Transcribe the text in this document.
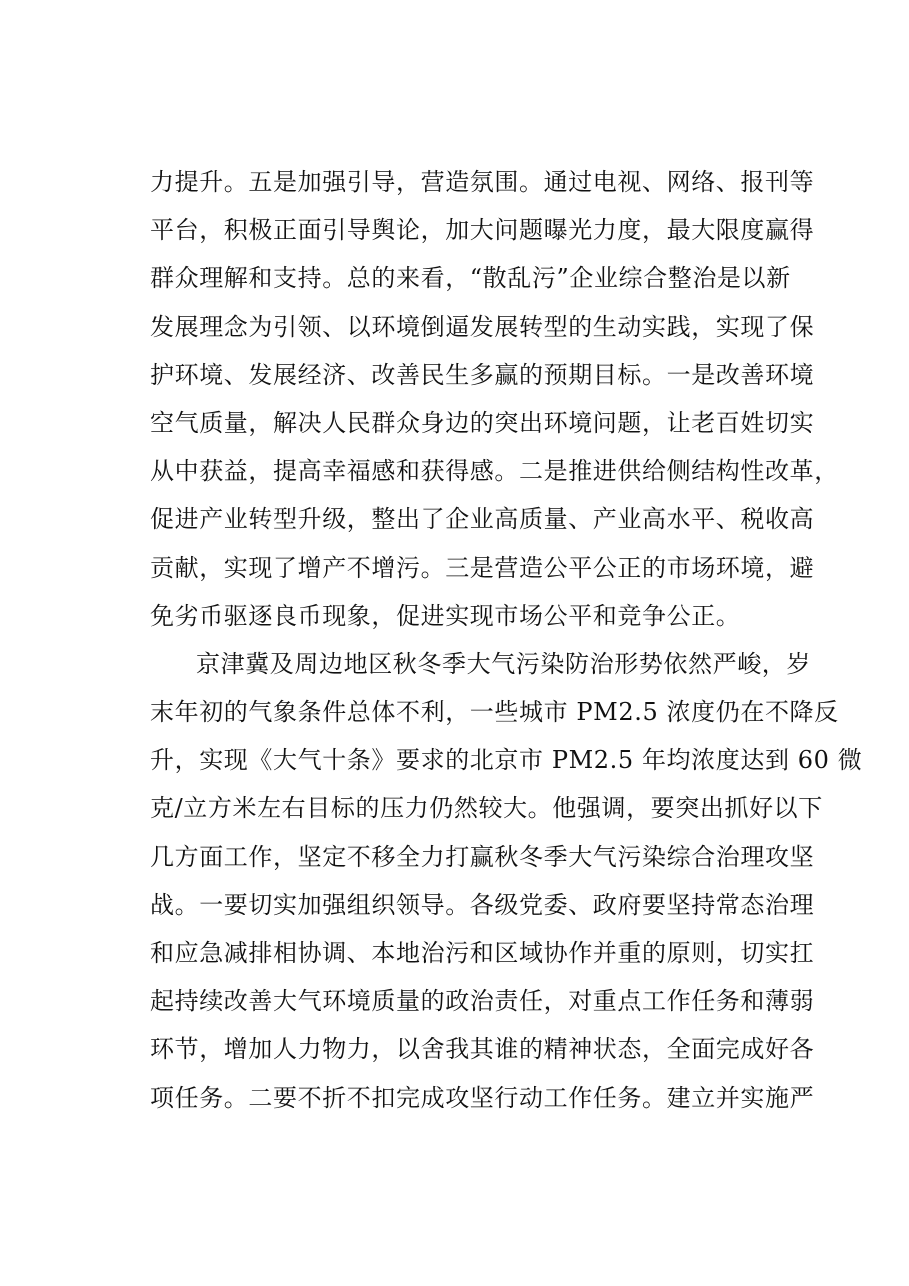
力提升。五是加强引导，营造氛围。通过电视、网络、报刊等
平台，积极正面引导舆论，加大问题曝光力度，最大限度赢得
群众理解和支持。总的来看，“散乱污”企业综合整治是以新
发展理念为引领、以环境倒逼发展转型的生动实践，实现了保
护环境、发展经济、改善民生多赢的预期目标。一是改善环境
空气质量，解决人民群众身边的突出环境问题，让老百姓切实
从中获益，提高幸福感和获得感。二是推进供给侧结构性改革，
促进产业转型升级，整出了企业高质量、产业高水平、税收高
贡献，实现了增产不增污。三是营造公平公正的市场环境，避
免劣币驱逐良币现象，促进实现市场公平和竞争公正。
京津冀及周边地区秋冬季大气污染防治形势依然严峻，岁
末年初的气象条件总体不利，一些城市 PM2.5 浓度仍在不降反
升，实现《大气十条》要求的北京市 PM2.5 年均浓度达到 60 微
克/立方米左右目标的压力仍然较大。他强调，要突出抓好以下
几方面工作，坚定不移全力打赢秋冬季大气污染综合治理攻坚
战。一要切实加强组织领导。各级党委、政府要坚持常态治理
和应急减排相协调、本地治污和区域协作并重的原则，切实扛
起持续改善大气环境质量的政治责任，对重点工作任务和薄弱
环节，增加人力物力，以舍我其谁的精神状态，全面完成好各
项任务。二要不折不扣完成攻坚行动工作任务。建立并实施严
